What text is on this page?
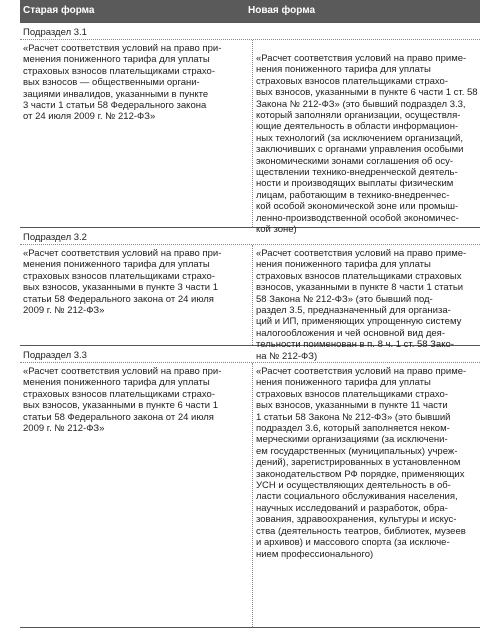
Старая форма	Новая форма
Подраздел 3.1
«Расчет соответствия условий на право при-
менения пониженного тарифа для уплаты
страховых взносов плательщиками страхо-
вых взносов — общественными органи-
зациями инвалидов, указанными в пункте
3 части 1 статьи 58 Федерального закона
от 24 июля 2009 г. № 212-ФЗ»
«Расчет соответствия условий на право приме-
нения пониженного тарифа для уплаты
страховых взносов плательщиками страхо-
вых взносов, указанными в пункте 6 части 1 ст. 58
Закона № 212-ФЗ» (это бывший подраздел 3.3,
который заполняли организации, осуществля-
ющие деятельность в области информацион-
ных технологий (за исключением организаций,
заключивших с органами управления особыми
экономическими зонами соглашения об осу-
ществлении технико-внедренческой деятель-
ности и производящих выплаты физическим
лицам, работающим в технико-внедренчес-
кой особой экономической зоне или промыш-
ленно-производственной особой экономичес-
кой зоне)
Подраздел 3.2
«Расчет соответствия условий на право при-
менения пониженного тарифа для уплаты
страховых взносов плательщиками страхо-
вых взносов, указанными в пункте 3 части 1
статьи 58 Федерального закона от 24 июля
2009 г. № 212-ФЗ»
«Расчет соответствия условий на право приме-
нения пониженного тарифа для уплаты
страховых взносов плательщиками страховых
взносов, указанными в пункте 8 части 1 статьи
58 Закона № 212-ФЗ» (это бывший под-
раздел 3.5, предназначенный для организа-
ций и ИП, применяющих упрощенную систему
налогообложения и чей основной вид дея-
тельности поименован в п. 8 ч. 1 ст. 58 Зако-
на № 212-ФЗ)
Подраздел 3.3
«Расчет соответствия условий на право при-
менения пониженного тарифа для уплаты
страховых взносов плательщиками страхо-
вых взносов, указанными в пункте 6 части 1
статьи 58 Федерального закона от 24 июля
2009 г. № 212-ФЗ»
«Расчет соответствия условий на право приме-
нения пониженного тарифа для уплаты
страховых взносов плательщиками страхо-
вых взносов, указанными в пункте 11 части
1 статьи 58 Закона № 212-ФЗ» (это бывший
подраздел 3.6, который заполняется неком-
мерческими организациями (за исключени-
ем государственных (муниципальных) учреж-
дений), зарегистрированных в установленном
законодательством РФ порядке, применяющих
УСН и осуществляющих деятельность в об-
ласти социального обслуживания населения,
научных исследований и разработок, обра-
зования, здравоохранения, культуры и искус-
ства (деятельность театров, библиотек, музеев
и архивов) и массового спорта (за исключе-
нием профессионального)
